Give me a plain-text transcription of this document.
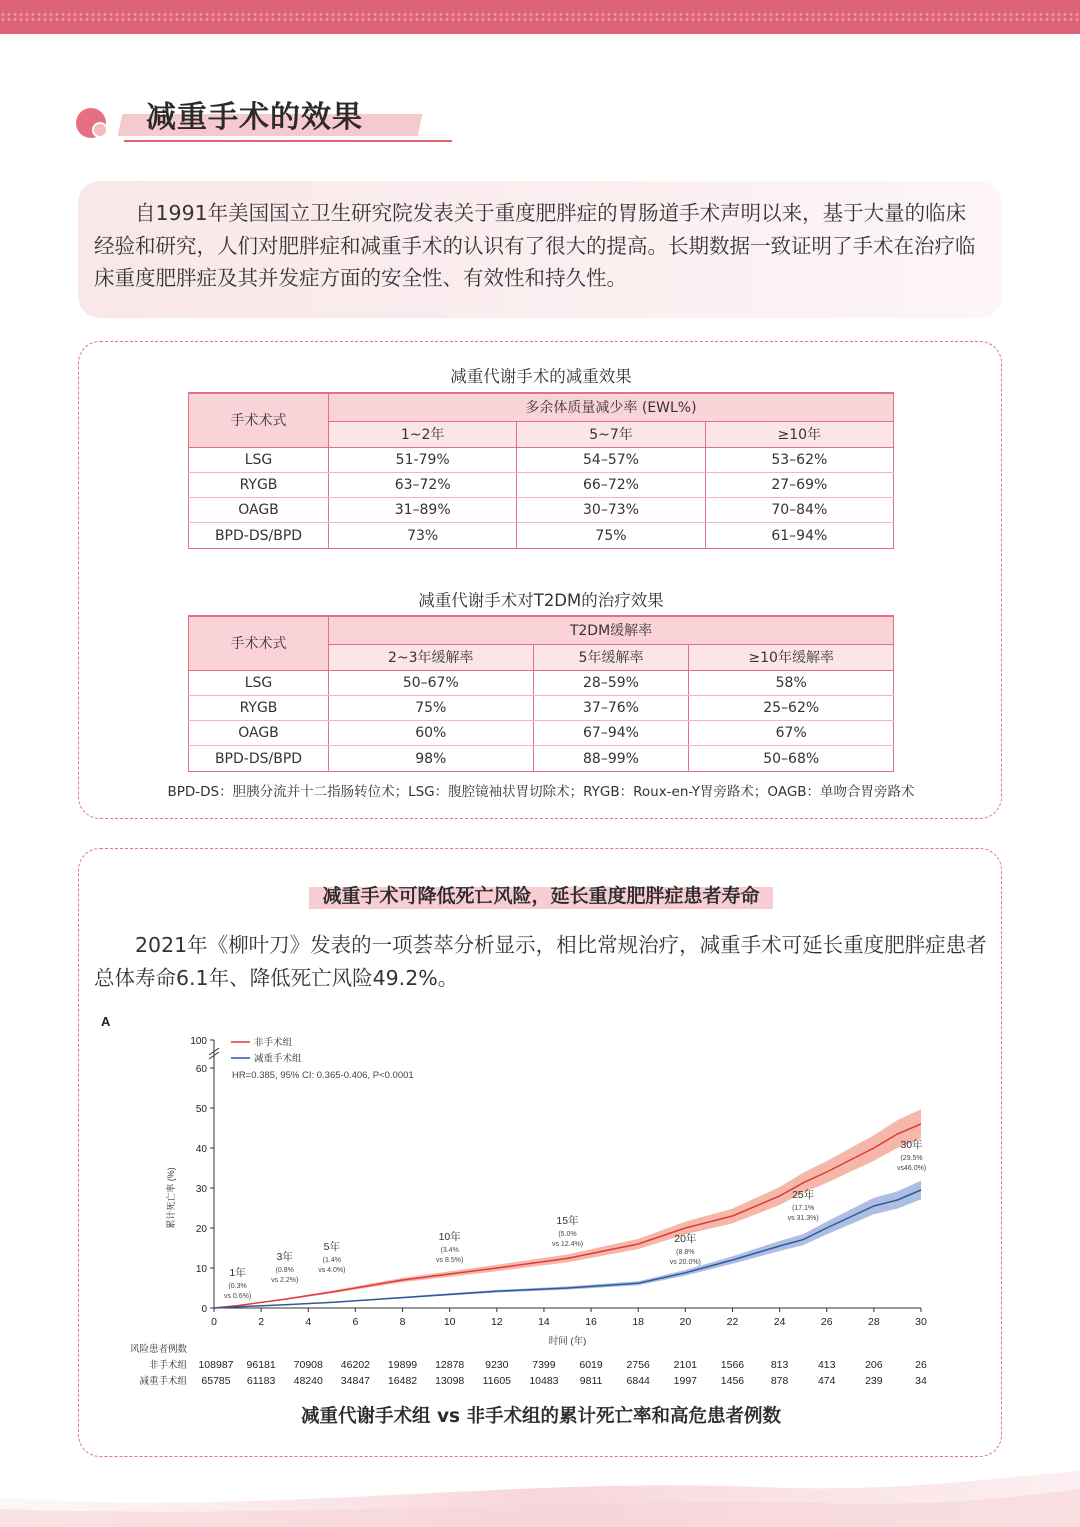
减重手术的效果

自1991年美国国立卫生研究院发表关于重度肥胖症的胃肠道手术声明以来，基于大量的临床经验和研究，人们对肥胖症和减重手术的认识有了很大的提高。长期数据一致证明了手术在治疗临床重度肥胖症及其并发症方面的安全性、有效性和持久性。

减重代谢手术的减重效果
手术术式	多余体质量减少率 (EWL%)		
	1~2年	5~7年	≥10年
LSG	51-79%	54–57%	53–62%
RYGB	63–72%	66–72%	27–69%
OAGB	31–89%	30–73%	70–84%
BPD-DS/BPD	73%	75%	61–94%
减重代谢手术对T2DM的治疗效果
手术术式	T2DM缓解率		
	2~3年缓解率	5年缓解率	≥10年缓解率
LSG	50–67%	28–59%	58%
RYGB	75%	37–76%	25–62%
OAGB	60%	67–94%	67%
BPD-DS/BPD	98%	88–99%	50–68%
BPD-DS：胆胰分流并十二指肠转位术；LSG：腹腔镜袖状胃切除术；RYGB：Roux-en-Y胃旁路术；OAGB：单吻合胃旁路术
减重手术可降低死亡风险，延长重度肥胖症患者寿命
2021年《柳叶刀》发表的一项荟萃分析显示，相比常规治疗，减重手术可延长重度肥胖症患者总体寿命6.1年、降低死亡风险49.2%。
A
100
0
10
20
30
40
50
60
0	2	4	6	8	10	12	14	16	18	20	22	24	26	28	30
累计死亡率 (%)
时间 (年)
非手术组
减重手术组
HR=0.385, 95% CI: 0.365-0.406, P<0.0001
1年
(0.3%
vs 0.6%)
3年
(0.8%
vs 2.2%)
5年
(1.4%
vs 4.0%)
10年
(3.4%
vs 8.5%)
15年
(5.0%
vs 12.4%)	20年
(8.8%
vs 20.0%)
25年
(17.1%
vs 31.3%)
30年
(29.5%
vs46.0%)
风险患者例数
非手术组 108987 96181 70908 46202 19899 12878 9230 7399 6019 2756 2101 1566	813	413	206	26
减重手术组 65785 61183 48240 34847 16482 13098 11605 10483 9811 6844 1997 1456	878	474	239	34
减重代谢手术组 vs 非手术组的累计死亡率和高危患者例数
